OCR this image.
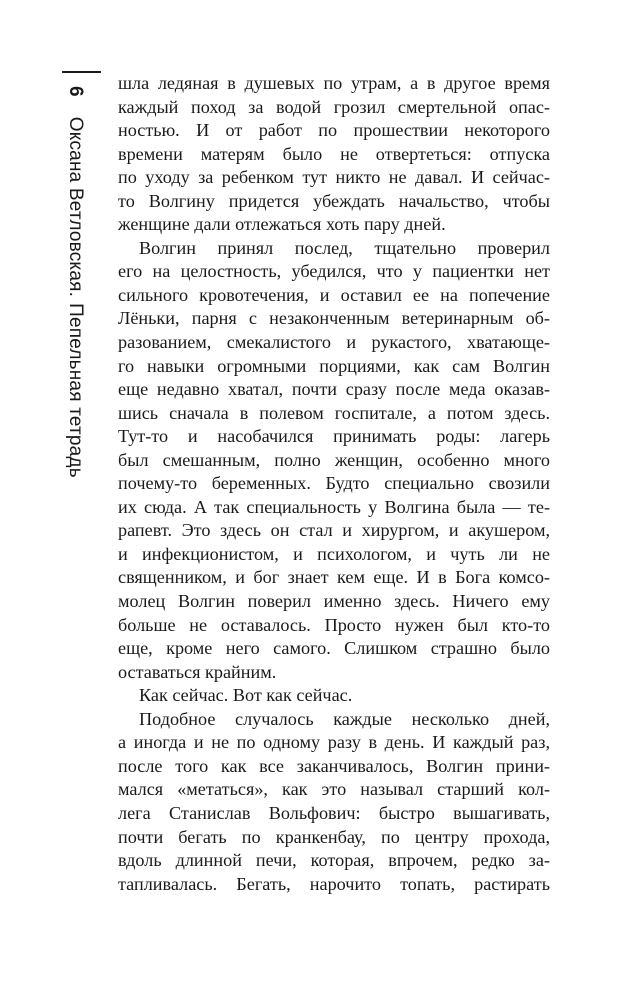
6Оксана Ветловская.Пепельная тетрадь
шла ледяная в душевых по утрам, а в другое время
каждый поход за водой грозил смертельной опас-
ностью. И от работ по прошествии некоторого
времени матерям было не отвертеться: отпуска
по уходу за ребенком тут никто не давал. И сейчас-
то Волгину придется убеждать начальство, чтобы
женщине дали отлежаться хоть пару дней.
Волгин принял послед, тщательно проверил
его на целостность, убедился, что у пациентки нет
сильного кровотечения, и оставил ее на попечение
Лёньки, парня с незаконченным ветеринарным об-
разованием, смекалистого и рукастого, хватающе-
го навыки огромными порциями, как сам Волгин
еще недавно хватал, почти сразу после меда оказав-
шись сначала в полевом госпитале, а потом здесь.
Тут-то и насобачился принимать роды: лагерь
был смешанным, полно женщин, особенно много
почему-то беременных. Будто специально свозили
их сюда. А так специальность у Волгина была — те-
рапевт. Это здесь он стал и хирургом, и акушером,
и инфекционистом, и психологом, и чуть ли не
священником, и бог знает кем еще. И в Бога комсо-
молец Волгин поверил именно здесь. Ничего ему
больше не оставалось. Просто нужен был кто-то
еще, кроме него самого. Слишком страшно было
оставаться крайним.
Как сейчас. Вот как сейчас.
Подобное случалось каждые несколько дней,
а иногда и не по одному разу в день. И каждый раз,
после того как все заканчивалось, Волгин прини-
мался «метаться», как это называл старший кол-
лега Станислав Вольфович: быстро вышагивать,
почти бегать по кранкенбау, по центру прохода,
вдоль длинной печи, которая, впрочем, редко за-
тапливалась. Бегать, нарочито топать, растирать
